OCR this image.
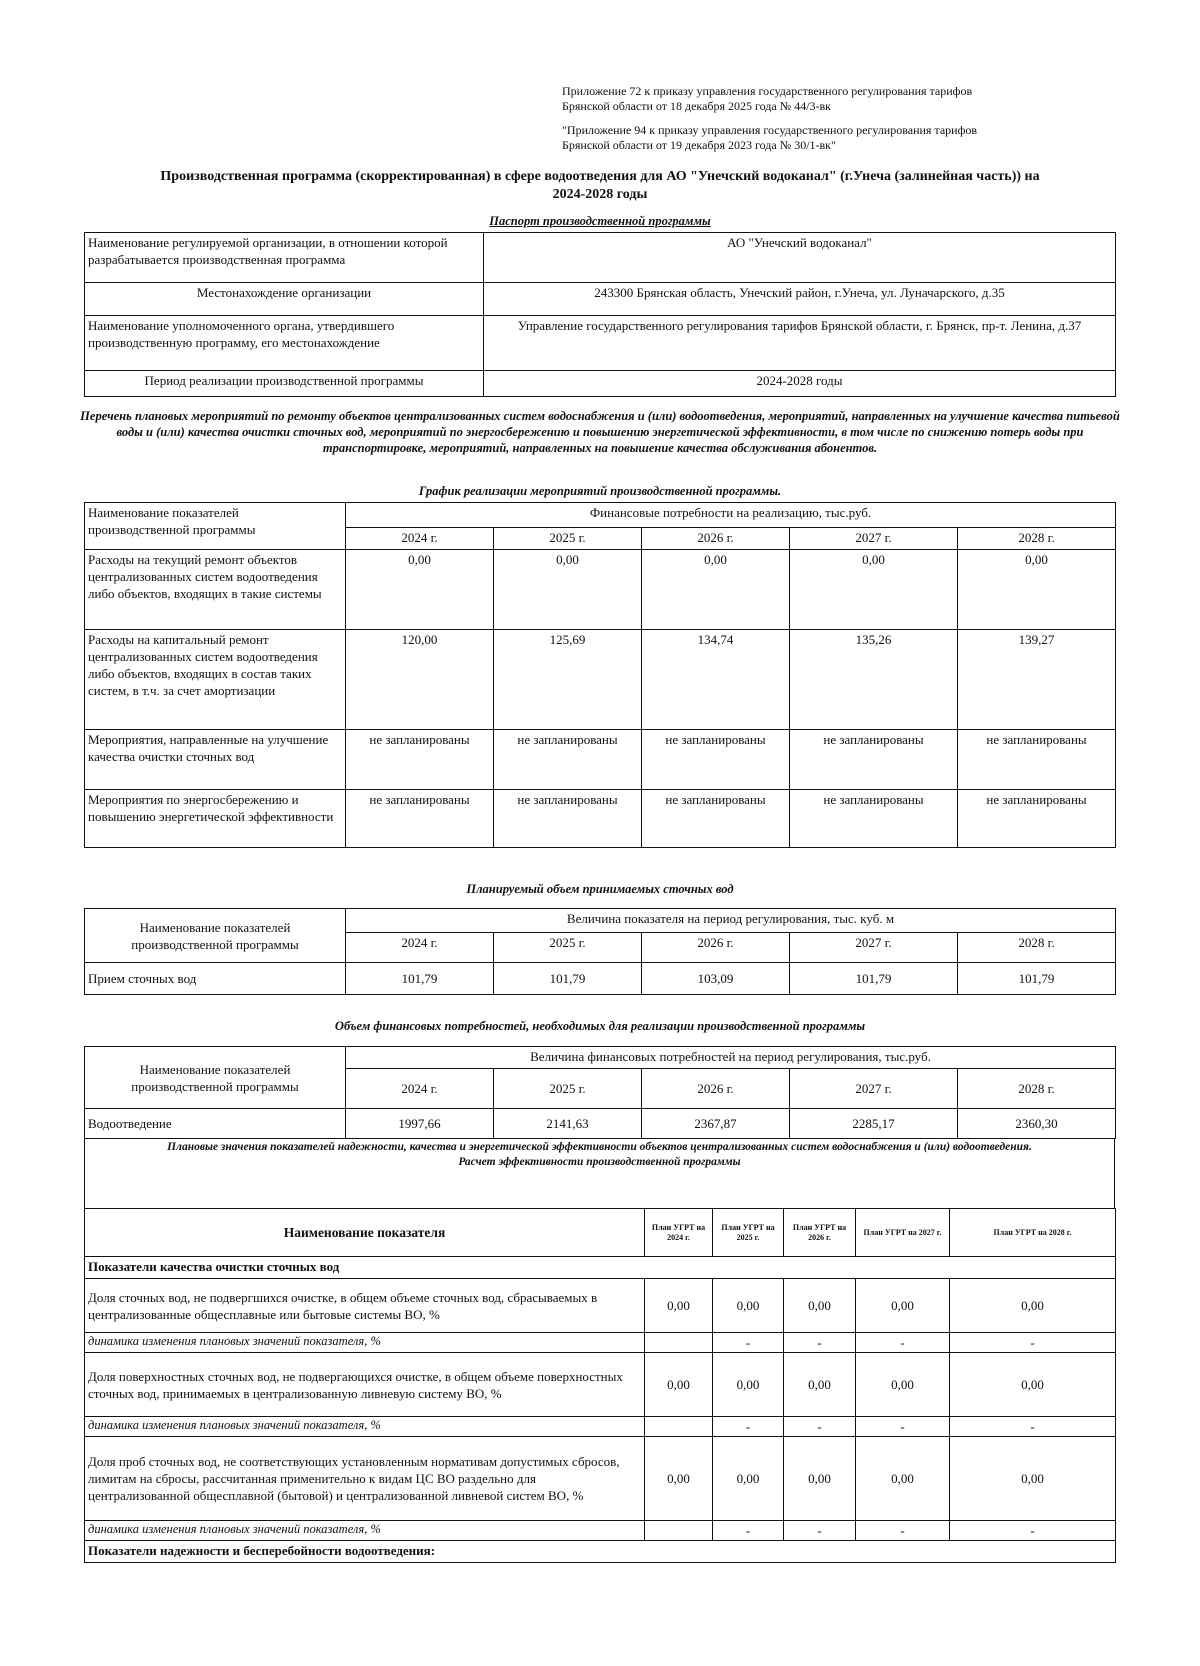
Приложение 72 к приказу управления государственного регулирования тарифов
Брянской области от 18 декабря 2025 года № 44/3-вк
"Приложение 94 к приказу управления государственного регулирования тарифов
Брянской области от 19 декабря 2023 года № 30/1-вк"
Производственная программа (скорректированная) в сфере водоотведения для АО "Унечский водоканал" (г.Унеча (залинейная часть)) на
2024-2028 годы
Паспорт производственной программы
Наименование регулируемой организации, в отношении которой разрабатывается производственная программа	АО "Унечский водоканал"
Местонахождение организации	243300 Брянская область, Унечский район, г.Унеча, ул. Луначарского, д.35
Наименование уполномоченного органа, утвердившего производственную программу, его местонахождение	Управление государственного регулирования тарифов Брянской области, г. Брянск, пр-т. Ленина, д.37
Период реализации производственной программы	2024-2028 годы
Перечень плановых мероприятий по ремонту объектов централизованных систем водоснабжения и (или) водоотведения, мероприятий, направленных на улучшение качества питьевой воды и (или) качества очистки сточных вод, мероприятий по энергосбережению и повышению энергетической эффективности, в том числе по снижению потерь воды при транспортировке, мероприятий, направленных на повышение качества обслуживания абонентов.
График реализации мероприятий производственной программы.
Наименование показателей производственной программы	Финансовые потребности на реализацию, тыс.руб.				
	2024 г.	2025 г.	2026 г.	2027 г.	2028 г.
Расходы на текущий ремонт объектов централизованных систем водоотведения либо объектов, входящих в такие системы	0,00	0,00	0,00	0,00	0,00
Расходы на капитальный ремонт централизованных систем водоотведения либо объектов, входящих в состав таких систем, в т.ч. за счет амортизации	120,00	125,69	134,74	135,26	139,27
Мероприятия, направленные на улучшение качества очистки сточных вод	не запланированы	не запланированы	не запланированы	не запланированы	не запланированы
Мероприятия по энергосбережению и повышению энергетической эффективности	не запланированы	не запланированы	не запланированы	не запланированы	не запланированы
Планируемый объем принимаемых сточных вод
Наименование показателей производственной программы	Величина показателя на период регулирования, тыс. куб. м				
	2024 г.	2025 г.	2026 г.	2027 г.	2028 г.
Прием сточных вод	101,79	101,79	103,09	101,79	101,79
Объем финансовых потребностей, необходимых для реализации производственной программы
Наименование показателей производственной программы	Величина финансовых потребностей на период регулирования, тыс.руб.				
	2024 г.	2025 г.	2026 г.	2027 г.	2028 г.
Водоотведение	1997,66	2141,63	2367,87	2285,17	2360,30
Плановые значения показателей надежности, качества и энергетической эффективности объектов централизованных систем водоснабжения и (или) водоотведения.
Расчет эффективности производственной программы
Наименование показателя	План УГРТ на 2024 г.	План УГРТ на 2025 г.	План УГРТ на 2026 г.	План УГРТ на 2027 г.	План УГРТ на 2028 г.
Показатели качества очистки сточных вод					
Доля сточных вод, не подвергшихся очистке, в общем объеме сточных вод, сбрасываемых в централизованные общесплавные или бытовые системы ВО, %	0,00	0,00	0,00	0,00	0,00
динамика изменения плановых значений показателя, %		-	-	-	-
Доля поверхностных сточных вод, не подвергающихся очистке, в общем объеме поверхностных сточных вод, принимаемых в централизованную ливневую систему ВО, %	0,00	0,00	0,00	0,00	0,00
динамика изменения плановых значений показателя, %		-	-	-	-
Доля проб сточных вод, не соответствующих установленным нормативам допустимых сбросов, лимитам на сбросы, рассчитанная применительно к видам ЦС ВО раздельно для централизованной общесплавной (бытовой) и централизованной ливневой систем ВО, %	0,00	0,00	0,00	0,00	0,00
динамика изменения плановых значений показателя, %		-	-	-	-
Показатели надежности и бесперебойности водоотведения:					
